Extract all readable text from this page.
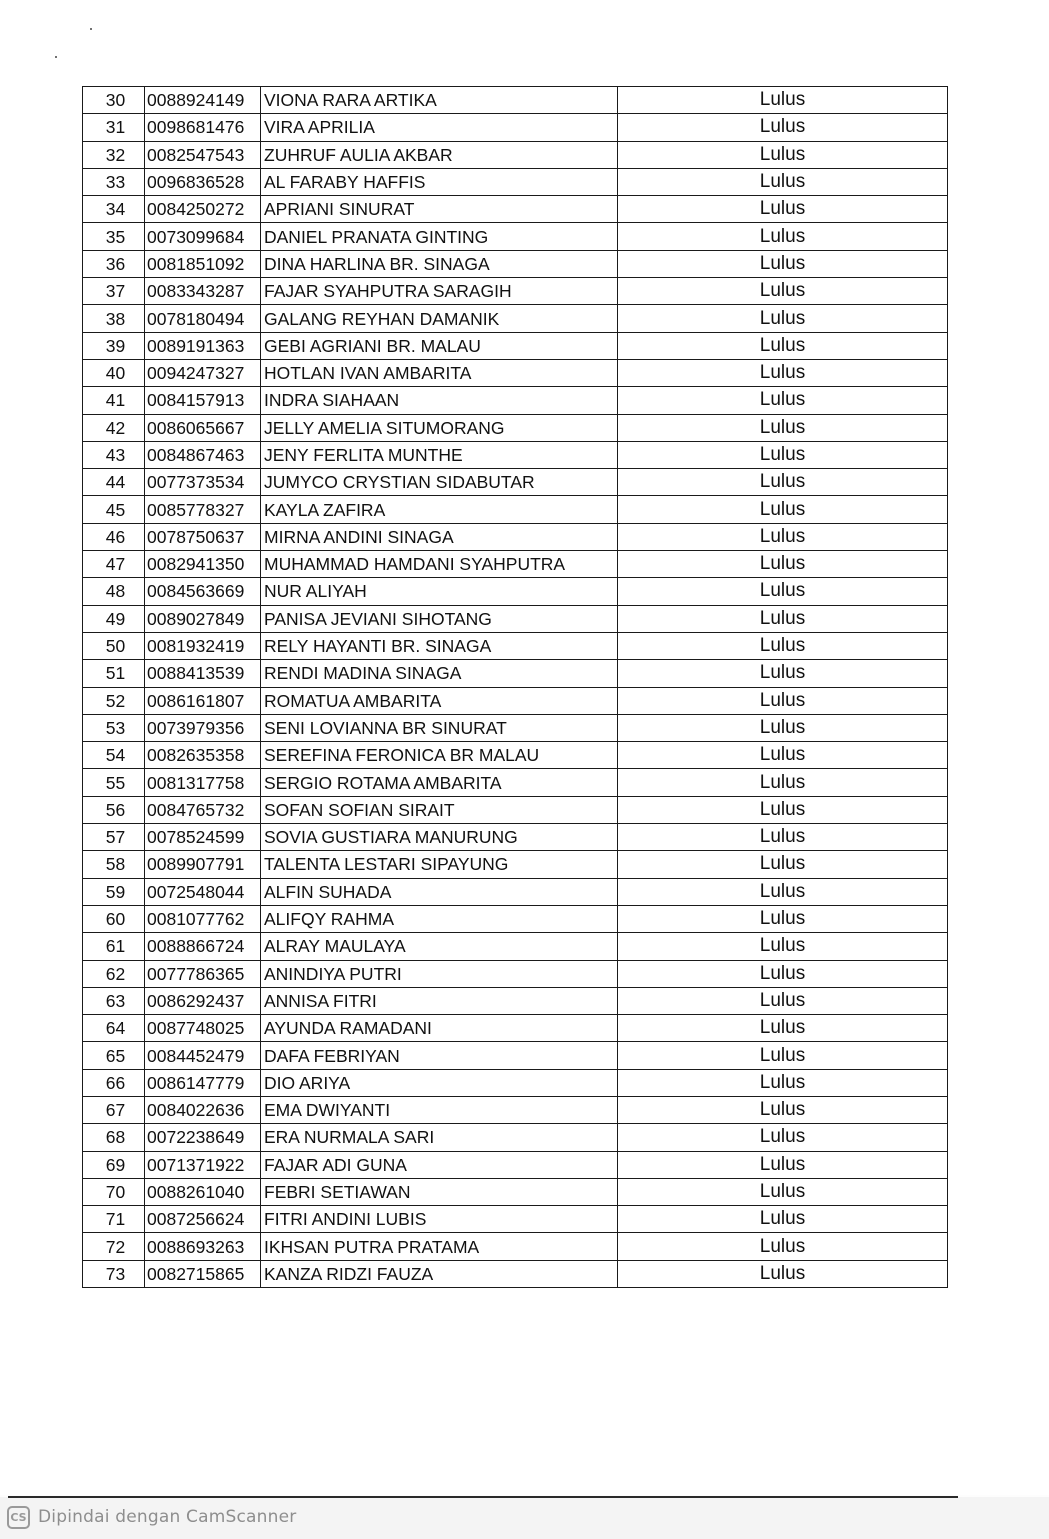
30	0088924149	VIONA RARA ARTIKA	Lulus
31	0098681476	VIRA APRILIA	Lulus
32	0082547543	ZUHRUF AULIA AKBAR	Lulus
33	0096836528	AL FARABY HAFFIS	Lulus
34	0084250272	APRIANI SINURAT	Lulus
35	0073099684	DANIEL PRANATA GINTING	Lulus
36	0081851092	DINA HARLINA BR. SINAGA	Lulus
37	0083343287	FAJAR SYAHPUTRA SARAGIH	Lulus
38	0078180494	GALANG REYHAN DAMANIK	Lulus
39	0089191363	GEBI AGRIANI BR. MALAU	Lulus
40	0094247327	HOTLAN IVAN AMBARITA	Lulus
41	0084157913	INDRA SIAHAAN	Lulus
42	0086065667	JELLY AMELIA SITUMORANG	Lulus
43	0084867463	JENY FERLITA MUNTHE	Lulus
44	0077373534	JUMYCO CRYSTIAN SIDABUTAR	Lulus
45	0085778327	KAYLA ZAFIRA	Lulus
46	0078750637	MIRNA ANDINI SINAGA	Lulus
47	0082941350	MUHAMMAD HAMDANI SYAHPUTRA	Lulus
48	0084563669	NUR ALIYAH	Lulus
49	0089027849	PANISA JEVIANI SIHOTANG	Lulus
50	0081932419	RELY HAYANTI BR. SINAGA	Lulus
51	0088413539	RENDI MADINA SINAGA	Lulus
52	0086161807	ROMATUA AMBARITA	Lulus
53	0073979356	SENI LOVIANNA BR SINURAT	Lulus
54	0082635358	SEREFINA FERONICA BR MALAU	Lulus
55	0081317758	SERGIO ROTAMA AMBARITA	Lulus
56	0084765732	SOFAN SOFIAN SIRAIT	Lulus
57	0078524599	SOVIA GUSTIARA MANURUNG	Lulus
58	0089907791	TALENTA LESTARI SIPAYUNG	Lulus
59	0072548044	ALFIN SUHADA	Lulus
60	0081077762	ALIFQY RAHMA	Lulus
61	0088866724	ALRAY MAULAYA	Lulus
62	0077786365	ANINDIYA PUTRI	Lulus
63	0086292437	ANNISA FITRI	Lulus
64	0087748025	AYUNDA RAMADANI	Lulus
65	0084452479	DAFA FEBRIYAN	Lulus
66	0086147779	DIO ARIYA	Lulus
67	0084022636	EMA DWIYANTI	Lulus
68	0072238649	ERA NURMALA SARI	Lulus
69	0071371922	FAJAR ADI GUNA	Lulus
70	0088261040	FEBRI SETIAWAN	Lulus
71	0087256624	FITRI ANDINI LUBIS	Lulus
72	0088693263	IKHSAN PUTRA PRATAMA	Lulus
73	0082715865	KANZA RIDZI FAUZA	Lulus
CS Dipindai dengan CamScanner
